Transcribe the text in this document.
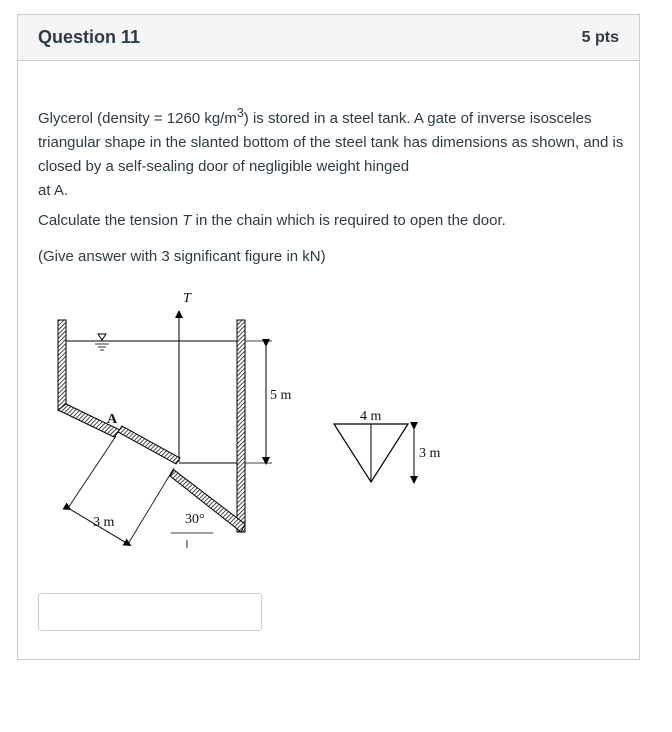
Question 11	5 pts

Glycerol (density = 1260 $kg/m^3$) is stored in a steel tank. A gate of inverse isosceles triangular shape in the slanted bottom of the steel tank has dimensions as shown, and is closed by a self-sealing door of negligible weight hinged
at A.

Calculate the tension T in the chain which is required to open the door.

(Give answer with 3 significant figure in kN)

T
A
5 m
3 m	30°
4 m
3 m
